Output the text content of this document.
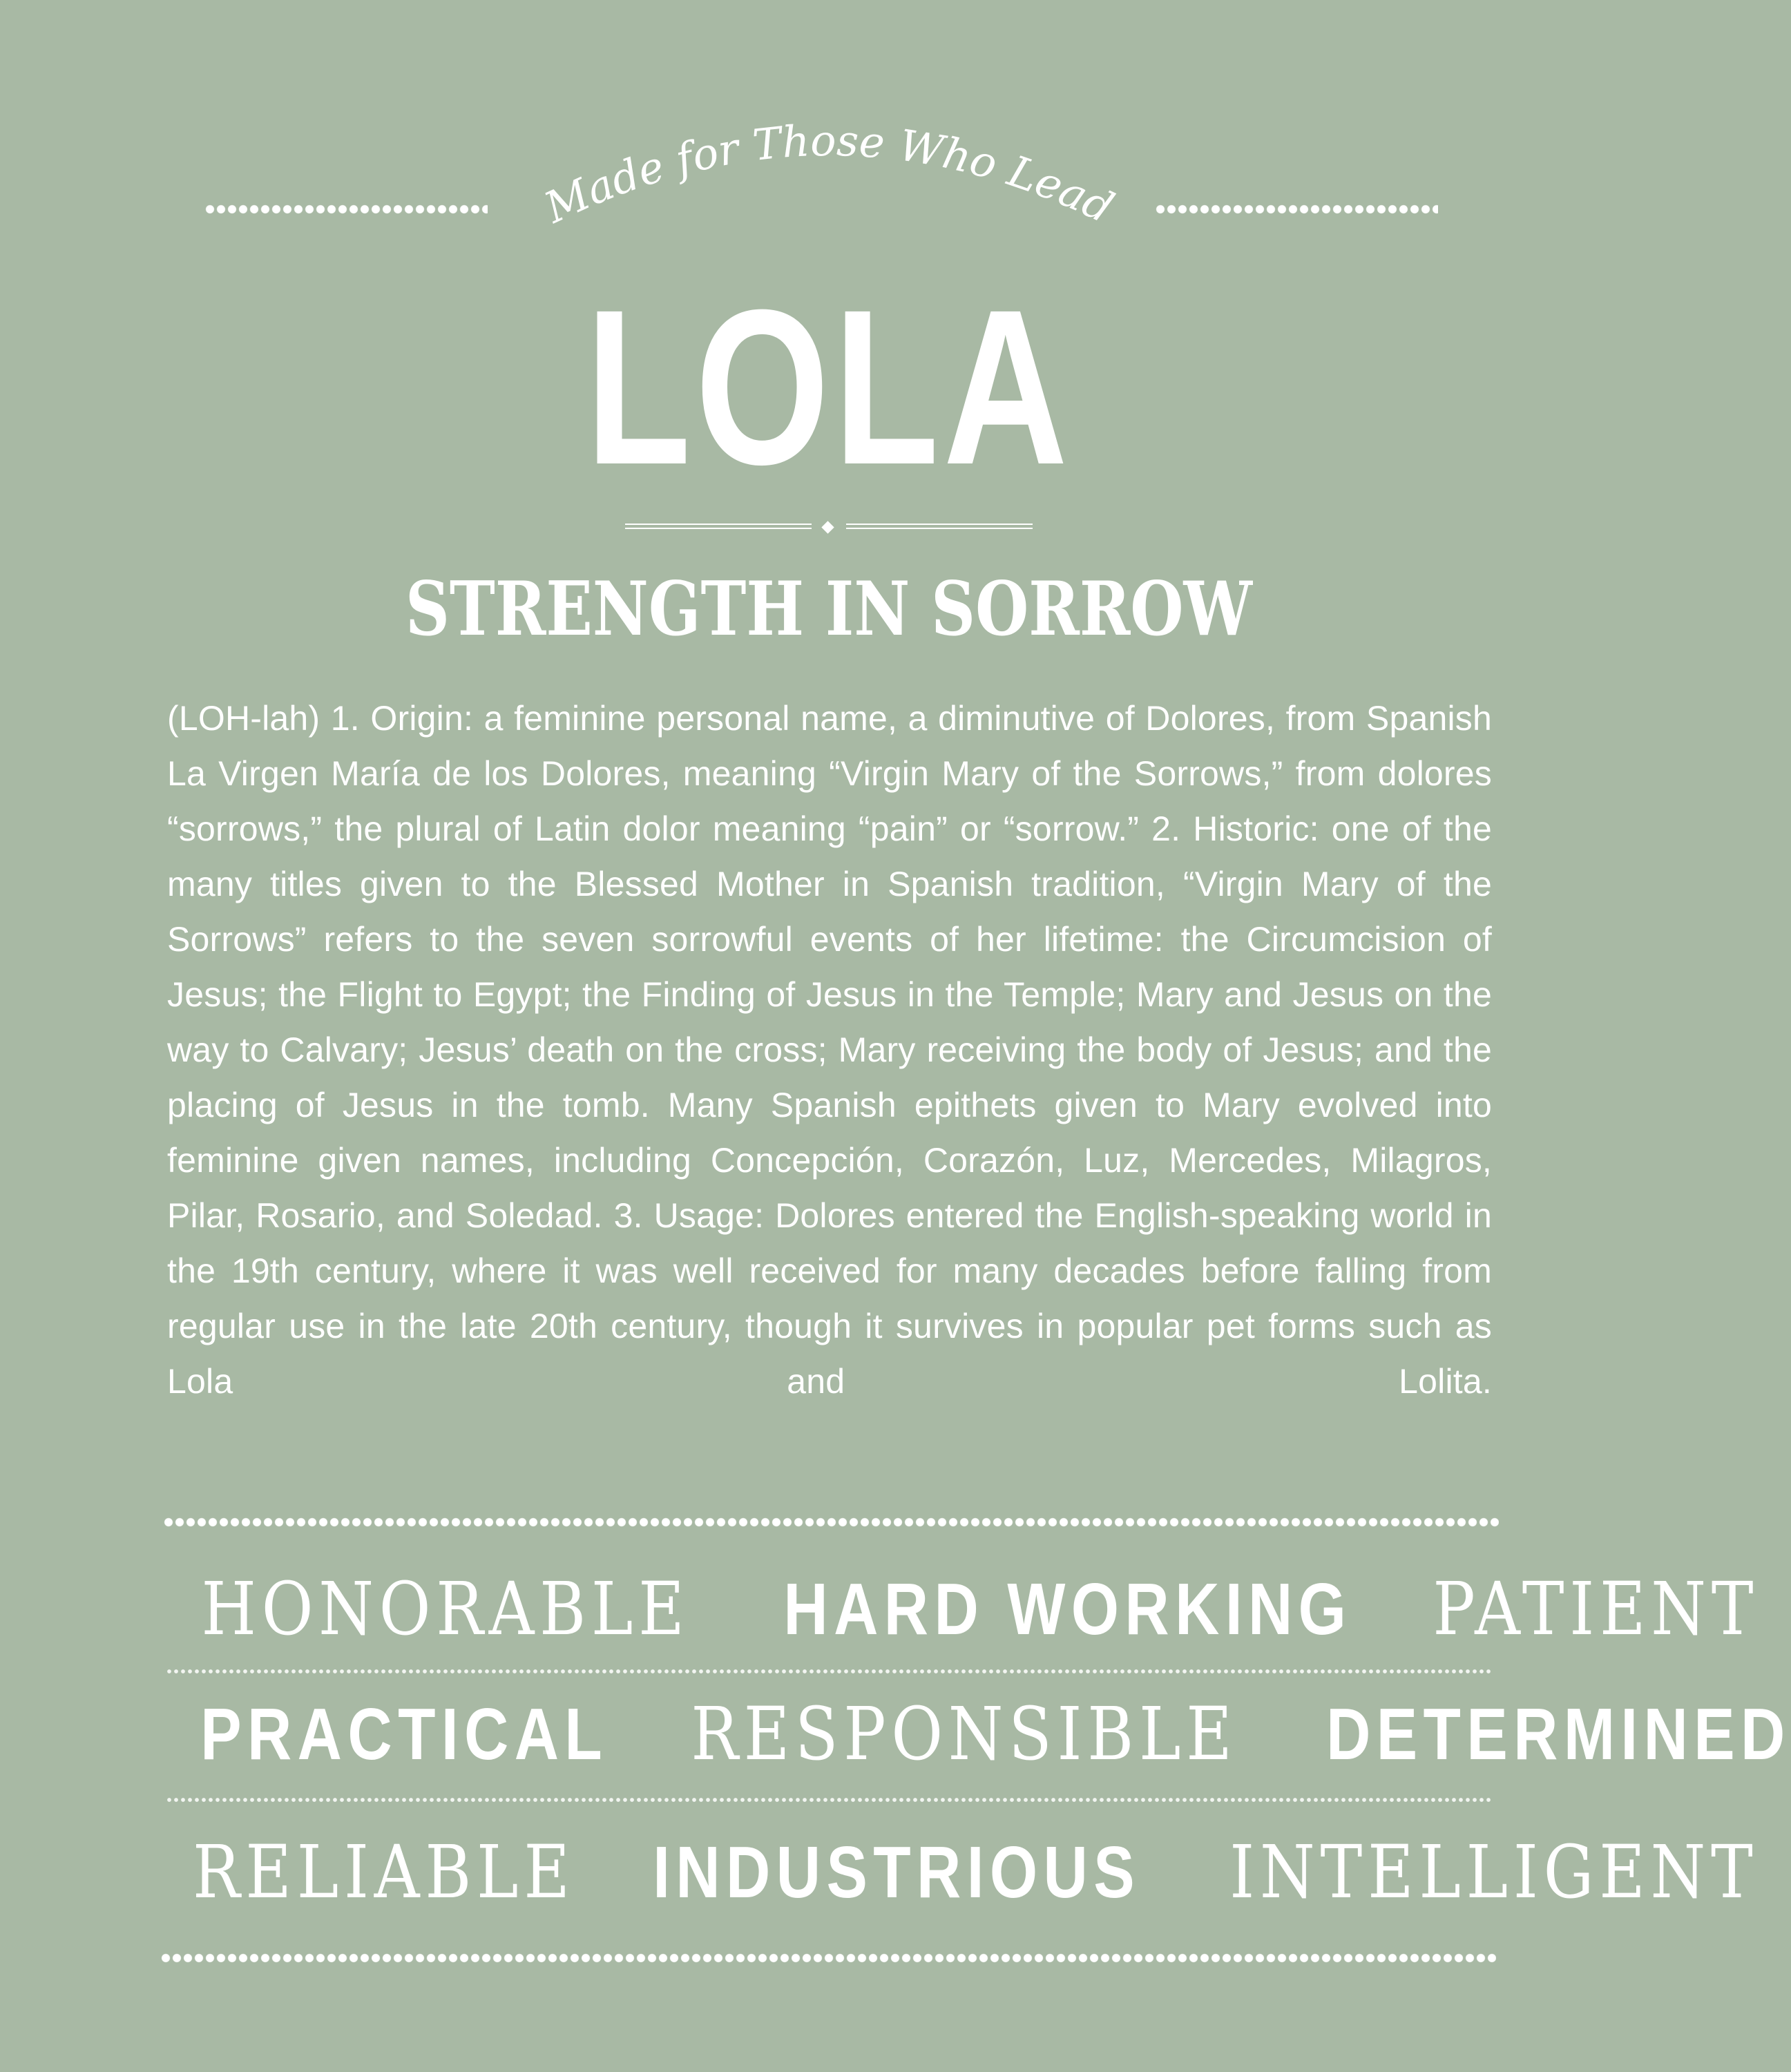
Made for Those Who Lead
LOLA
STRENGTH IN SORROW
(LOH-lah) 1. Origin: a feminine personal name, a diminutive of Dolores, from Spanish La Virgen María de los Dolores, meaning “Virgin Mary of the Sorrows,” from dolores “sorrows,” the plural of Latin dolor meaning “pain” or “sorrow.” 2. Historic: one of the many titles given to the Blessed Mother in Spanish tradition, “Virgin Mary of the Sorrows” refers to the seven sorrowful events of her lifetime: the Circumcision of Jesus; the Flight to Egypt; the Finding of Jesus in the Temple; Mary and Jesus on the way to Calvary; Jesus’ death on the cross; Mary receiving the body of Jesus; and the placing of Jesus in the tomb. Many Spanish epithets given to Mary evolved into feminine given names, including Concepción, Corazón, Luz, Mercedes, Milagros, Pilar, Rosario, and Soledad. 3. Usage: Dolores entered the English-speaking world in the 19th century, where it was well received for many decades before falling from regular use in the late 20th century, though it survives in popular pet forms such as Lola and Lolita.
HONORABLE HARD WORKING PATIENT
PRACTICAL RESPONSIBLE DETERMINED
RELIABLE INDUSTRIOUS INTELLIGENT
